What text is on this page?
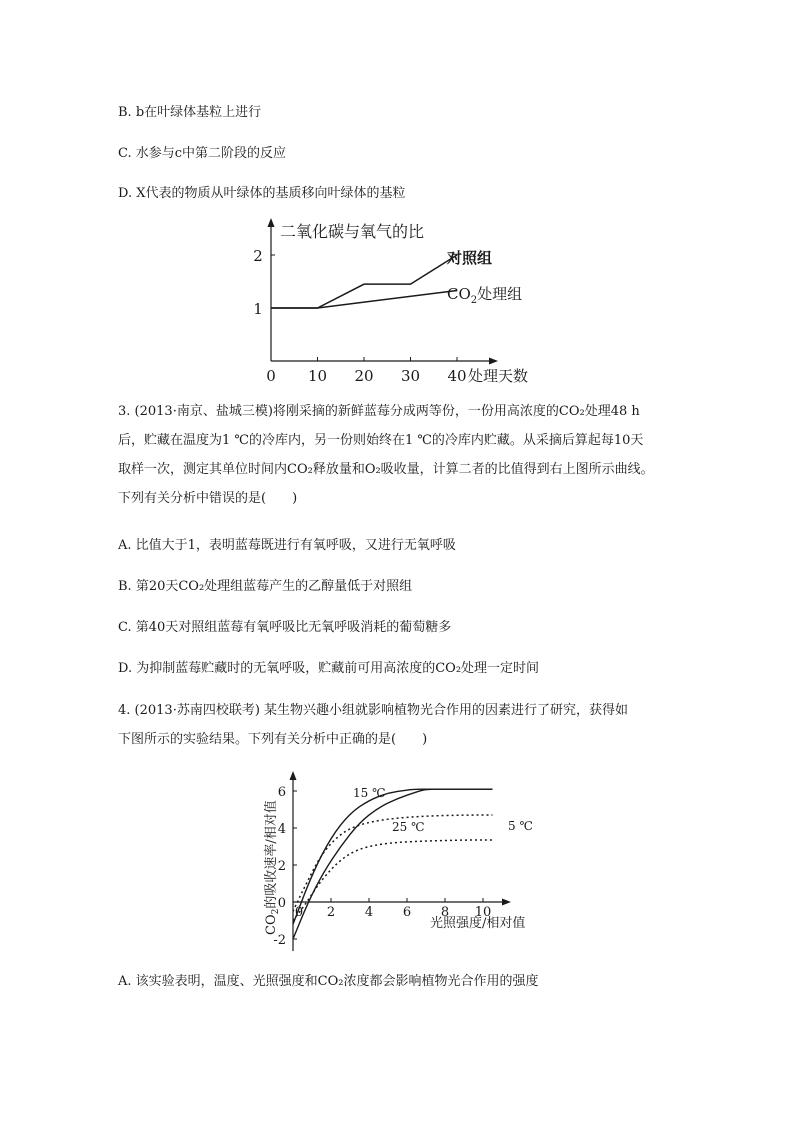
B. b在叶绿体基粒上进行
C. 水参与c中第二阶段的反应
D. X代表的物质从叶绿体的基质移向叶绿体的基粒
二氧化碳与氧气的比
1
2
0 10 20 30 40 处理天数
对照组
$CO_2$处理组
3. (2013·南京、盐城三模)将刚采摘的新鲜蓝莓分成两等份，一份用高浓度的CO₂处理48 h
后，贮藏在温度为1 ℃的冷库内，另一份则始终在1 ℃的冷库内贮藏。从采摘后算起每10天
取样一次，测定其单位时间内CO₂释放量和O₂吸收量，计算二者的比值得到右上图所示曲线。
下列有关分析中错误的是(　　)
A. 比值大于1，表明蓝莓既进行有氧呼吸，又进行无氧呼吸
B. 第20天CO₂处理组蓝莓产生的乙醇量低于对照组
C. 第40天对照组蓝莓有氧呼吸比无氧呼吸消耗的葡萄糖多
D. 为抑制蓝莓贮藏时的无氧呼吸，贮藏前可用高浓度的CO₂处理一定时间
4. (2013·苏南四校联考) 某生物兴趣小组就影响植物光合作用的因素进行了研究，获得如
下图所示的实验结果。下列有关分析中正确的是(　　)
-2
0
2
4
6
0 2 4 6 8 10
光照强度/相对值
$CO_2$的吸收速率/相对值
15 ℃
25 ℃	5 ℃
A. 该实验表明，温度、光照强度和CO₂浓度都会影响植物光合作用的强度
